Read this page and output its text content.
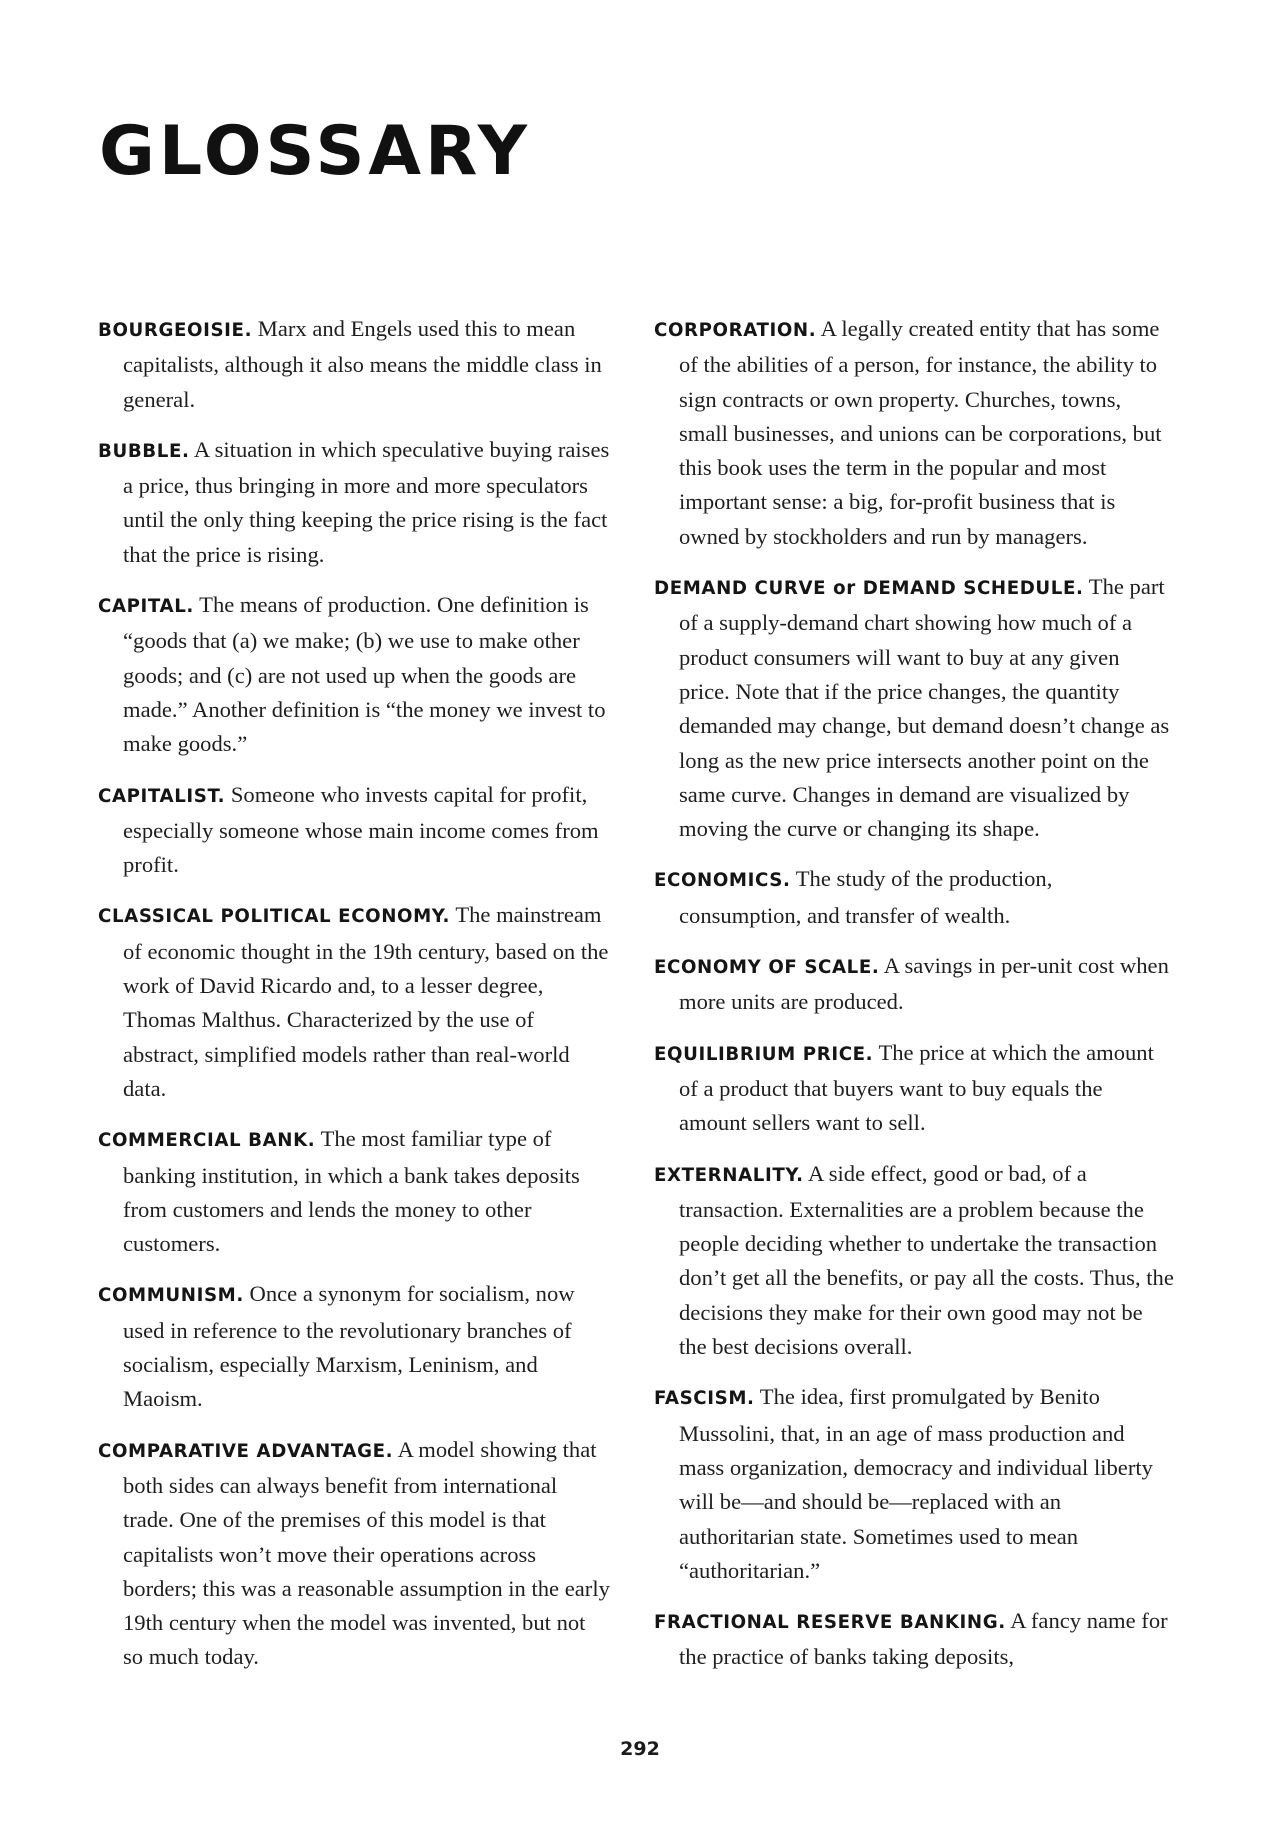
GLOSSARY

BOURGEOISIE. Marx and Engels used this to mean capitalists, although it also means the middle class in general.

BUBBLE. A situation in which speculative buying raises a price, thus bringing in more and more speculators until the only thing keeping the price rising is the fact that the price is rising.

CAPITAL. The means of production. One definition is “goods that (a) we make; (b) we use to make other goods; and (c) are not used up when the goods are made.” Another definition is “the money we invest to make goods.”

CAPITALIST. Someone who invests capital for profit, especially someone whose main income comes from profit.

CLASSICAL POLITICAL ECONOMY. The mainstream of economic thought in the 19th century, based on the work of David Ricardo and, to a lesser degree, Thomas Malthus. Characterized by the use of abstract, simplified models rather than real-world data.

COMMERCIAL BANK. The most familiar type of banking institution, in which a bank takes deposits from customers and lends the money to other customers.

COMMUNISM. Once a synonym for socialism, now used in reference to the revolutionary branches of socialism, especially Marxism, Leninism, and Maoism.

COMPARATIVE ADVANTAGE. A model showing that both sides can always benefit from international trade. One of the premises of this model is that capitalists won’t move their operations across borders; this was a reasonable assumption in the early 19th century when the model was invented, but not so much today.

CORPORATION. A legally created entity that has some of the abilities of a person, for instance, the ability to sign contracts or own property. Churches, towns, small businesses, and unions can be corporations, but this book uses the term in the popular and most important sense: a big, for-profit business that is owned by stockholders and run by managers.

DEMAND CURVE or DEMAND SCHEDULE. The part of a supply-demand chart showing how much of a product consumers will want to buy at any given price. Note that if the price changes, the quantity demanded may change, but demand doesn’t change as long as the new price intersects another point on the same curve. Changes in demand are visualized by moving the curve or changing its shape.

ECONOMICS. The study of the production, consumption, and transfer of wealth.

ECONOMY OF SCALE. A savings in per-unit cost when more units are produced.

EQUILIBRIUM PRICE. The price at which the amount of a product that buyers want to buy equals the amount sellers want to sell.

EXTERNALITY. A side effect, good or bad, of a transaction. Externalities are a problem because the people deciding whether to undertake the transaction don’t get all the benefits, or pay all the costs. Thus, the decisions they make for their own good may not be the best decisions overall.

FASCISM. The idea, first promulgated by Benito Mussolini, that, in an age of mass production and mass organization, democracy and individual liberty will be—and should be—replaced with an authoritarian state. Sometimes used to mean “authoritarian.”

FRACTIONAL RESERVE BANKING. A fancy name for the practice of banks taking deposits,

292
